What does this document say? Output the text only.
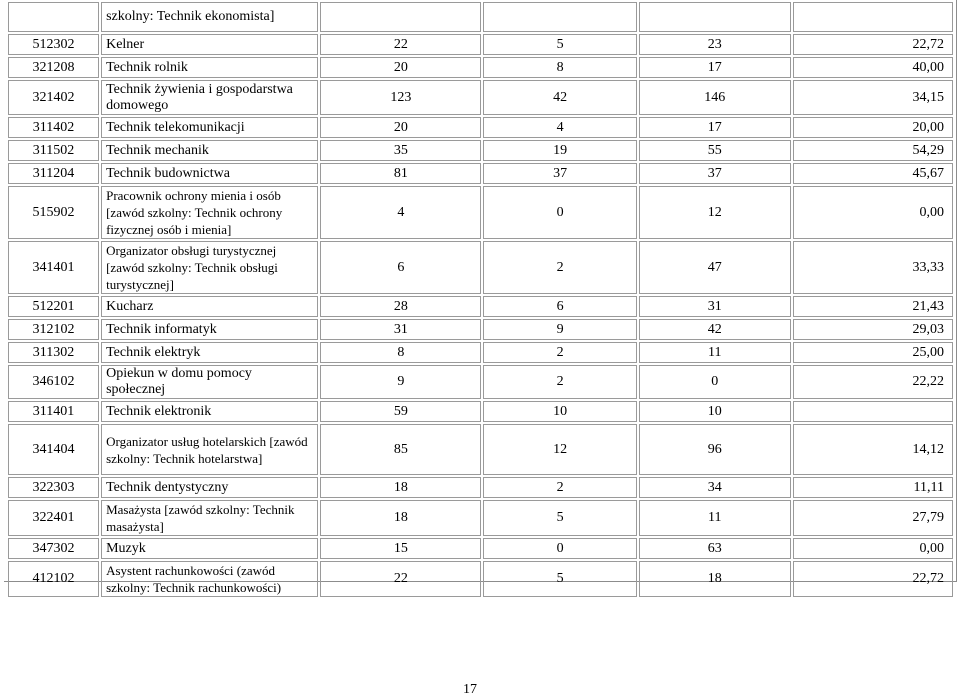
	szkolny: Technik ekonomista]				
512302	Kelner	22	5	23	22,72
321208	Technik rolnik	20	8	17	40,00
321402	Technik żywienia i gospodarstwa domowego	123	42	146	34,15
311402	Technik telekomunikacji	20	4	17	20,00
311502	Technik mechanik	35	19	55	54,29
311204	Technik budownictwa	81	37	37	45,67
515902	Pracownik ochrony mienia i osób [zawód szkolny: Technik ochrony fizycznej osób i mienia]	4	0	12	0,00
341401	Organizator obsługi turystycznej [zawód szkolny: Technik obsługi turystycznej]	6	2	47	33,33
512201	Kucharz	28	6	31	21,43
312102	Technik informatyk	31	9	42	29,03
311302	Technik elektryk	8	2	11	25,00
346102	Opiekun w domu pomocy społecznej	9	2	0	22,22
311401	Technik elektronik	59	10	10	
341404	Organizator usług hotelarskich [zawód szkolny: Technik hotelarstwa]	85	12	96	14,12
322303	Technik dentystyczny	18	2	34	11,11
322401	Masażysta [zawód szkolny: Technik masażysta]	18	5	11	27,79
347302	Muzyk	15	0	63	0,00
412102	Asystent rachunkowości (zawód szkolny: Technik rachunkowości)	22	5	18	22,72
17
